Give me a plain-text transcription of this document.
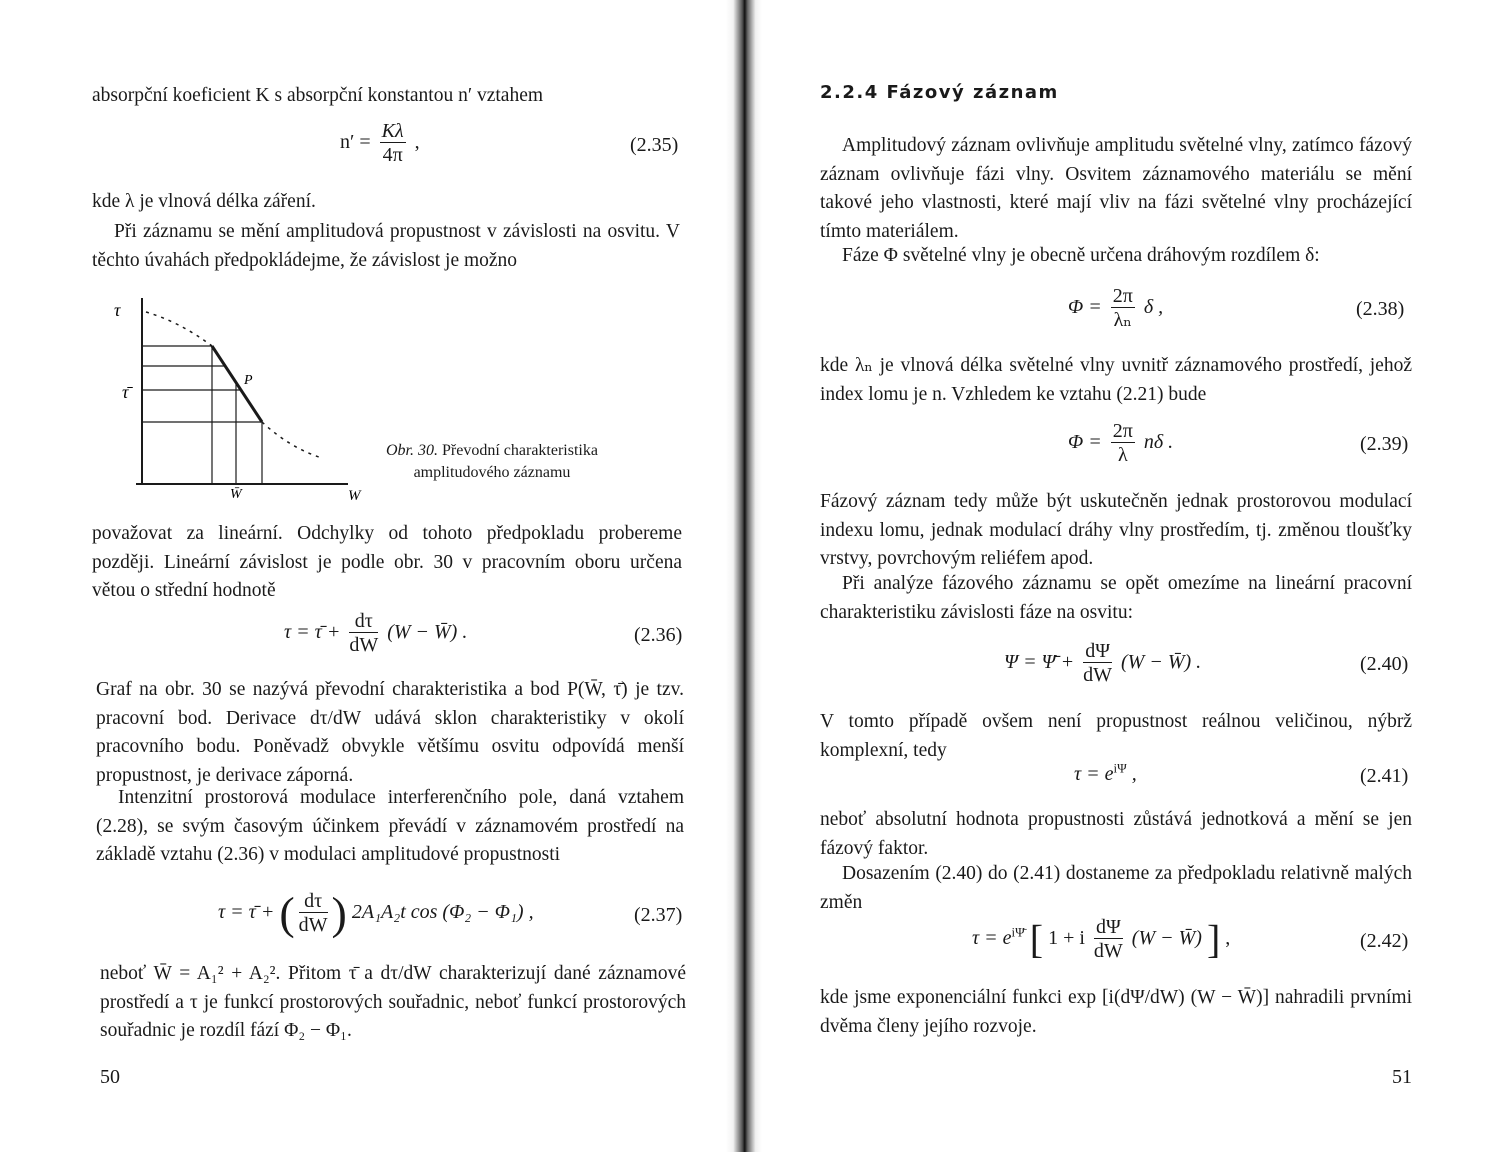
absorpční koeficient K s absorpční konstantou n′ vztahem

$n' = \frac{K\lambda}{4\pi}$ ,	(2.35)

kde λ je vlnová délka záření.

Při záznamu se mění amplitudová propustnost v závislosti na osvitu. V těchto úvahách předpokládejme, že závislost je možno

τ
τ̄
P
W̄	W
Obr. 30. Převodní charakteristika
amplitudového záznamu

považovat za lineární. Odchylky od tohoto předpokladu probereme později. Lineární závislost je podle obr. 30 v pracovním oboru určena větou o střední hodnotě

τ = τ̄ + $\frac{d\tau}{dW} (W$ − W̄) .	(2.36)

Graf na obr. 30 se nazývá převodní charakteristika a bod P(W̄, τ̄) je tzv. pracovní bod. Derivace dτ/dW udává sklon charakteristiky v okolí pracovního bodu. Poněvadž obvykle většímu osvitu odpovídá menší propustnost, je derivace záporná.

Intenzitní prostorová modulace interferenčního pole, daná vztahem (2.28), se svým časovým účinkem převádí v záznamovém prostředí na základě vztahu (2.36) v modulaci amplitudové propustnosti

τ = τ̄ + ( $\frac{d\tau}{dW}$ ) 2A₁A₂t cos (Φ₂ − Φ₁) ,	(2.37)

neboť W̄ = A₁² + A₂². Přitom τ̄ a dτ/dW charakterizují dané záznamové prostředí a τ je funkcí prostorových souřadnic, neboť funkcí prostorových souřadnic je rozdíl fází Φ₂ − Φ₁.

50
2.2.4 Fázový záznam

Amplitudový záznam ovlivňuje amplitudu světelné vlny, zatímco fázový záznam ovlivňuje fázi vlny. Osvitem záznamového materiálu se mění takové jeho vlastnosti, které mají vliv na fázi světelné vlny procházející tímto materiálem.

Fáze Φ světelné vlny je obecně určena dráhovým rozdílem δ:

$\Phi = \frac{2\pi}{\text{λₙ}}$ δ ,	(2.38)

kde λₙ je vlnová délka světelné vlny uvnitř záznamového prostředí, jehož index lomu je n. Vzhledem ke vztahu (2.21) bude

$\Phi = \frac{2\pi}{\lambda}$ nδ .	(2.39)

Fázový záznam tedy může být uskutečněn jednak prostorovou modulací indexu lomu, jednak modulací dráhy vlny prostředím, tj. změnou tloušťky vrstvy, povrchovým reliéfem apod.

Při analýze fázového záznamu se opět omezíme na lineární pracovní charakteristiku závislosti fáze na osvitu:

Ψ = Ψ̄ + $\frac{d\Psi}{dW} (W$ − W̄) .	(2.40)

V tomto případě ovšem není propustnost reálnou veličinou, nýbrž komplexní, tedy

$\tau = e^{i\Psi}$ ,	(2.41)

neboť absolutní hodnota propustnosti zůstává jednotková a mění se jen fázový faktor.

Dosazením (2.40) do (2.41) dostaneme za předpokladu relativně malých změn

$\tau = e^{i\Psī}$ [ 1 + i $\frac{d\Psi}{dW} (W$ − W̄) ] ,	(2.42)

kde jsme exponenciální funkci exp [i(dΨ/dW) (W − W̄)] nahradili prvními dvěma členy jejího rozvoje.

51
